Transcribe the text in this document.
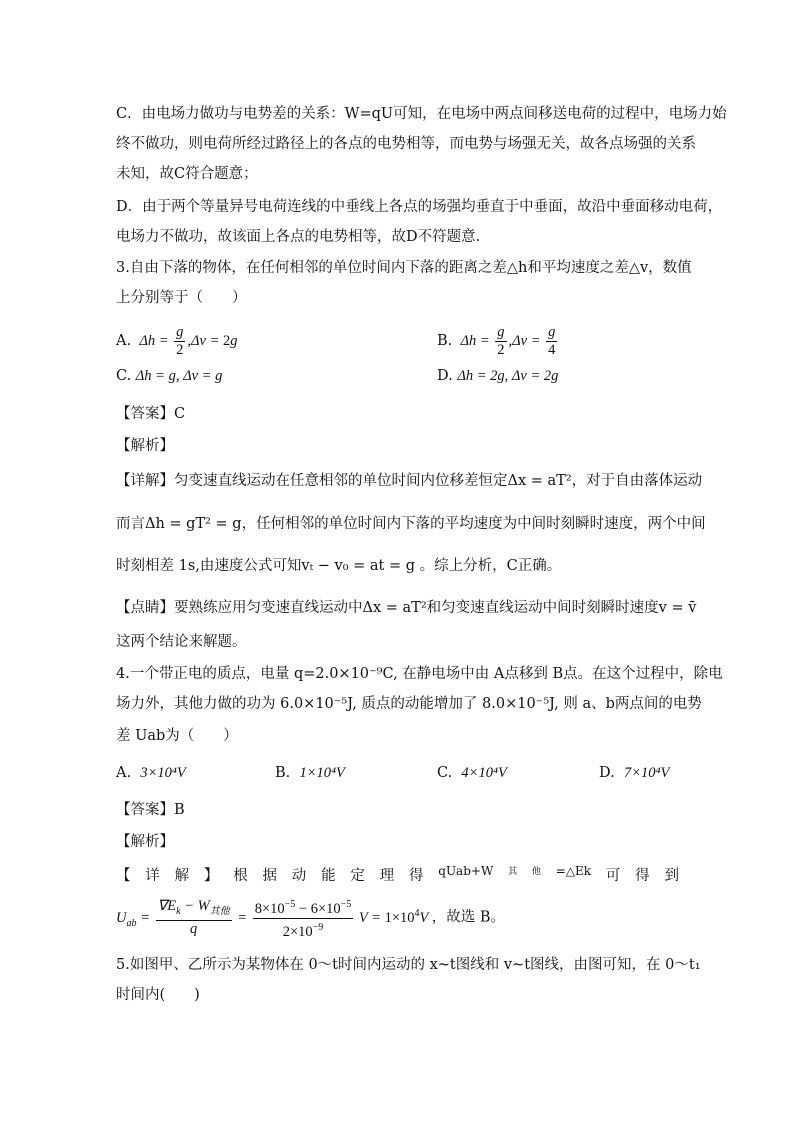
C．由电场力做功与电势差的关系：W=qU可知，在电场中两点间移送电荷的过程中，电场力始
终不做功，则电荷所经过路径上的各点的电势相等，而电势与场强无关，故各点场强的关系
未知，故C符合题意；
D．由于两个等量异号电荷连线的中垂线上各点的场强均垂直于中垂面，故沿中垂面移动电荷，
电场力不做功，故该面上各点的电势相等，故D不符题意.
3.自由下落的物体，在任何相邻的单位时间内下落的距离之差△h和平均速度之差△v，数值
上分别等于（　　）
A.  $\Delta h = \frac{g}{2} ,\Delta v = 2g$	B.  $\Delta h = \frac{g}{2} ,\Delta v = \frac{g}{4}$
C. Δh = g, Δv = g	D. Δh = 2g, Δv = 2g
【答案】C
【解析】
【详解】匀变速直线运动在任意相邻的单位时间内位移差恒定Δx = aT²，对于自由落体运动
而言Δh = gT² = g，任何相邻的单位时间内下落的平均速度为中间时刻瞬时速度，两个中间
时刻相差 1s,由速度公式可知vₜ − v₀ = at = g 。综上分析，C正确。
【点睛】要熟练应用匀变速直线运动中Δx = aT²和匀变速直线运动中间时刻瞬时速度v = v̄
这两个结论来解题。
4.一个带正电的质点，电量 q=2.0×10⁻⁹C, 在静电场中由 A点移到 B点。在这个过程中，除电
场力外，其他力做的功为 6.0×10⁻⁵J, 质点的动能增加了 8.0×10⁻⁵J, 则 a、b两点间的电势
差 Uab为（　　）
A. 3×10⁴V	B. 1×10⁴V	C. 4×10⁴V	D. 7×10⁴V
【答案】B
【解析】
【 详 解 】 根 据 动 能 定 理 得 qUab+W 其 他 =△Ek 可 得 到
$U_{ab} = \frac{\nabla E_k - W_{其他}}{q} = \frac{8\times 10^{-5} - 6\times 10^{-5}}{2\times 10^{-9}}$ $V = 1\times 10^4V$ ，故选 B。
5.如图甲、乙所示为某物体在 0～t时间内运动的 x~t图线和 v~t图线，由图可知，在 0～t₁
时间内(　　)
